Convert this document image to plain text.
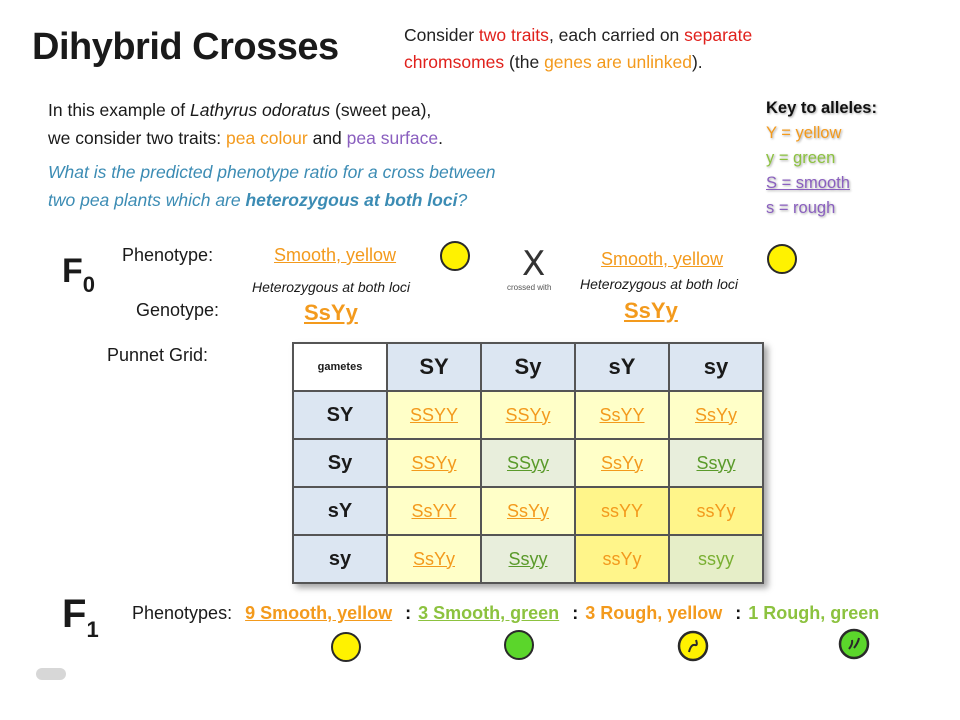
Dihybrid Crosses	Consider two traits, each carried on separate
chromsomes (the genes are unlinked).
In this example of Lathyrus odoratus (sweet pea),
we consider two traits: pea colour and pea surface.
What is the predicted phenotype ratio for a cross between
two pea plants which are heterozygous at both loci?
Key to alleles:
Y = yellow
y = green
S = smooth
s = rough
$F_0$
Phenotype:
Genotype:
Punnet Grid:
Smooth, yellow
Heterozygous at both loci
SsYy
X
crossed with
Smooth, yellow
Heterozygous at both loci
SsYy
gametes	SY	Sy	sY	sy
SY	SSYY	SSYy	SsYY	SsYy
Sy	SSYy	SSyy	SsYy	Ssyy
sY	SsYY	SsYy	ssYY	ssYy
sy	SsYy	Ssyy	ssYy	ssyy
$F_1$
Phenotypes: 9 Smooth, yellow : 3 Smooth, green : 3 Rough, yellow : 1 Rough, green
